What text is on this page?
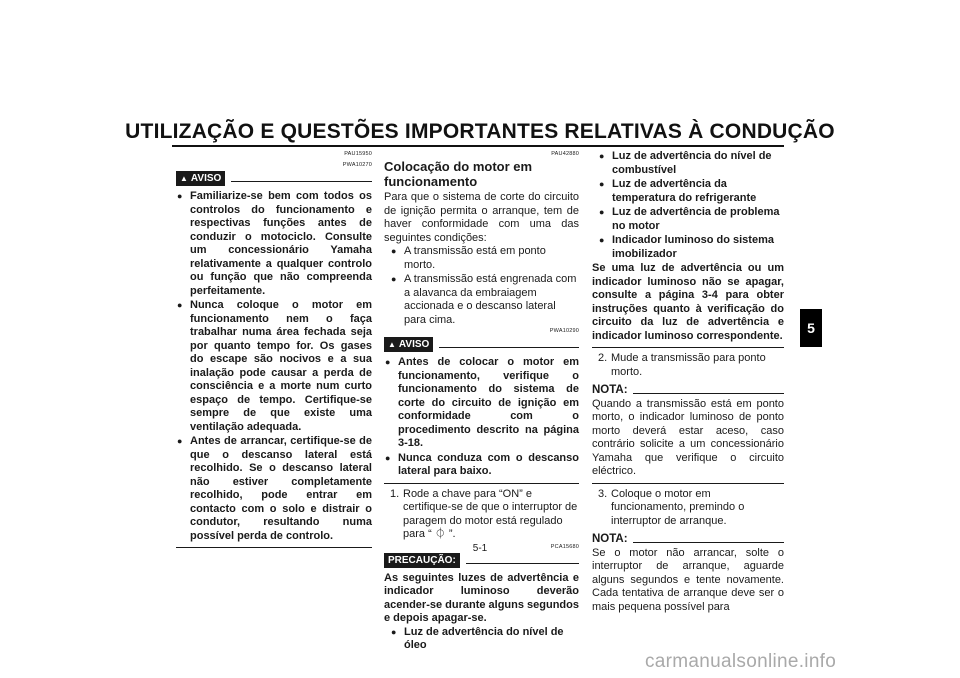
UTILIZAÇÃO E QUESTÕES IMPORTANTES RELATIVAS À CONDUÇÃO
5
PAU15950
PWA10270
▲ AVISO
● Familiarize-se bem com todos os controlos do funcionamento e respectivas funções antes de conduzir o motociclo. Consulte um concessionário Yamaha relativamente a qualquer controlo ou função que não compreenda perfeitamente.
● Nunca coloque o motor em funcionamento nem o faça trabalhar numa área fechada seja por quanto tempo for. Os gases do escape são nocivos e a sua inalação pode causar a perda de consciência e a morte num curto espaço de tempo. Certifique-se sempre de que existe uma ventilação adequada.
● Antes de arrancar, certifique-se de que o descanso lateral está recolhido. Se o descanso lateral não estiver completamente recolhido, pode entrar em contacto com o solo e distrair o condutor, resultando numa possível perda de controlo.
PAU42880
Colocação do motor em funcionamento
Para que o sistema de corte do circuito de ignição permita o arranque, tem de haver conformidade com uma das seguintes condições:
● A transmissão está em ponto morto.
● A transmissão está engrenada com a alavanca da embraiagem accionada e o descanso lateral para cima.
PWA10290
▲ AVISO
● Antes de colocar o motor em funcionamento, verifique o funcionamento do sistema de corte do circuito de ignição em conformidade com o procedimento descrito na página 3-18.
● Nunca conduza com o descanso lateral para baixo.
1. Rode a chave para “ON” e certifique-se de que o interruptor de paragem do motor está regulado para “ ⏀ ”.
PCA15680
PRECAUÇÃO:
As seguintes luzes de advertência e indicador luminoso deverão acender-se durante alguns segundos e depois apagar-se.
● Luz de advertência do nível de óleo
● Luz de advertência do nível de combustível
● Luz de advertência da temperatura do refrigerante
● Luz de advertência de problema no motor
● Indicador luminoso do sistema imobilizador
Se uma luz de advertência ou um indicador luminoso não se apagar, consulte a página 3-4 para obter instruções quanto à verificação do circuito da luz de advertência e indicador luminoso correspondente.
2. Mude a transmissão para ponto morto.
NOTA:
Quando a transmissão está em ponto morto, o indicador luminoso de ponto morto deverá estar aceso, caso contrário solicite a um concessionário Yamaha que verifique o circuito eléctrico.
3. Coloque o motor em funcionamento, premindo o interruptor de arranque.
NOTA:
Se o motor não arrancar, solte o interruptor de arranque, aguarde alguns segundos e tente novamente. Cada tentativa de arranque deve ser o mais pequena possível para
5-1
carmanualsonline.info
